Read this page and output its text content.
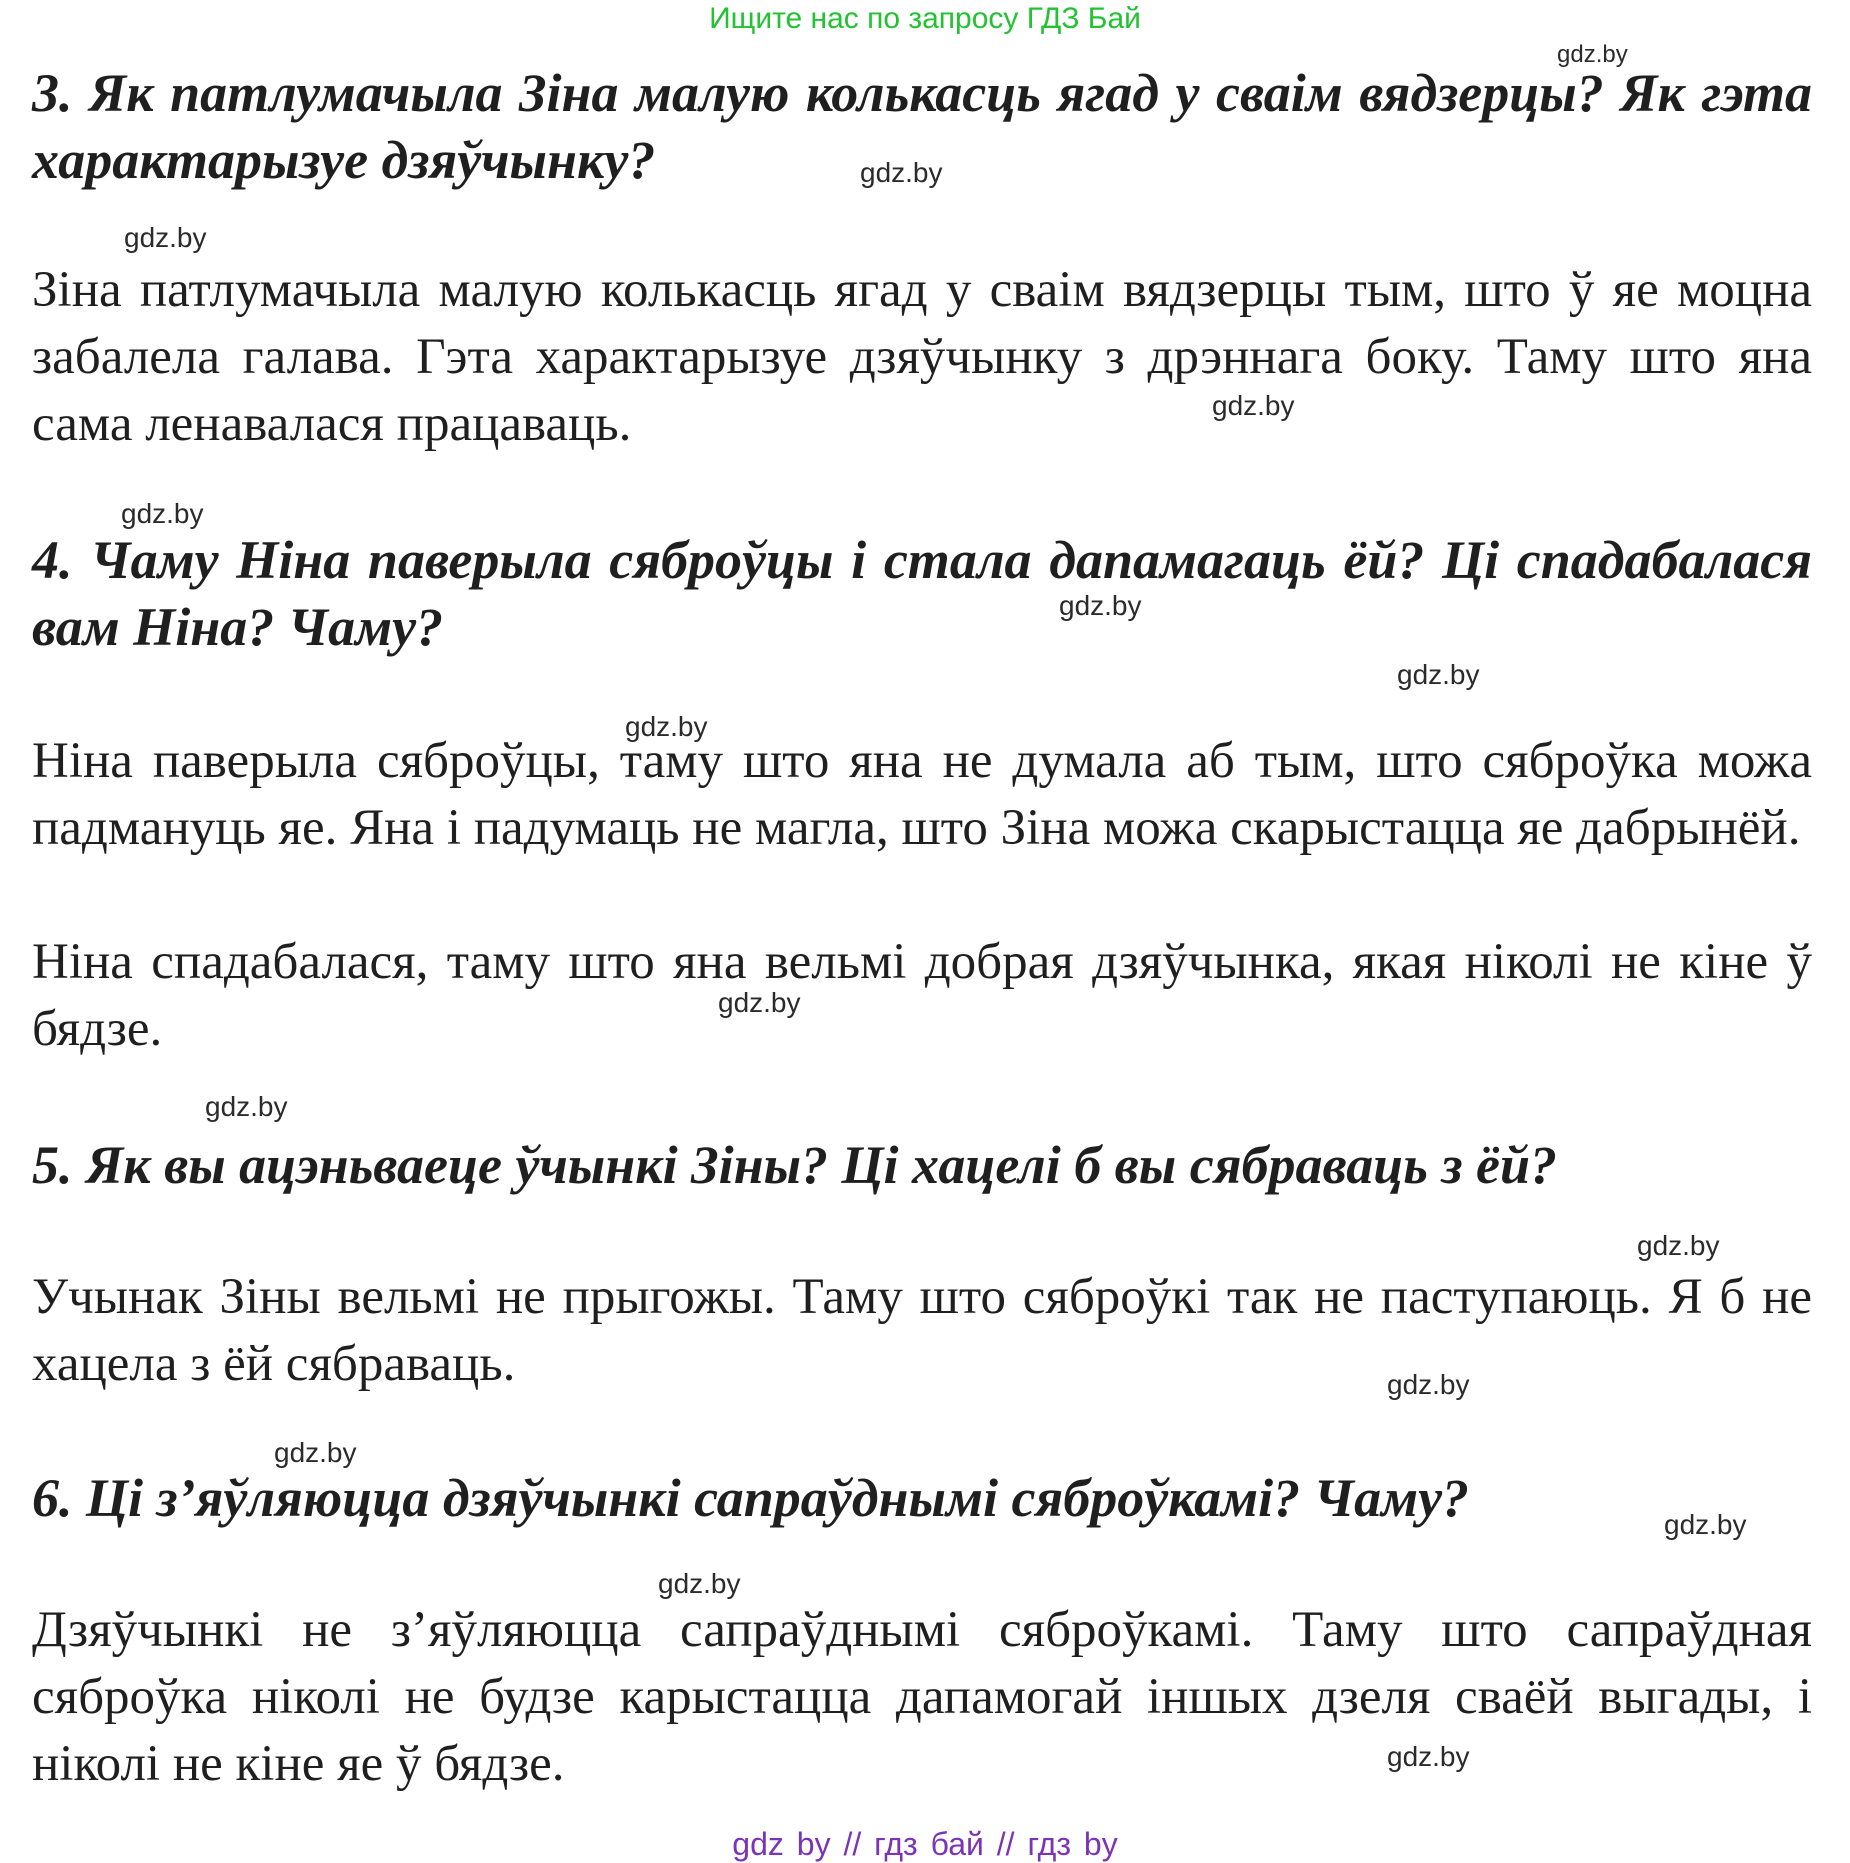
Ищите нас по запросу ГДЗ Бай

3. Як патлумачыла Зіна малую колькасць ягад у сваім вядзерцы? Як гэта характарызуе дзяўчынку?

Зіна патлумачыла малую колькасць ягад у сваім вядзерцы тым, што ў яе моцна забалела галава. Гэта характарызуе дзяўчынку з дрэннага боку. Таму што яна сама ленавалася працаваць.

4. Чаму Ніна паверыла сяброўцы і стала дапамагаць ёй? Ці спадабалася вам Ніна? Чаму?

Ніна паверыла сяброўцы, таму што яна не думала аб тым, што сяброўка можа падмануць яе. Яна і падумаць не магла, што Зіна можа скарыстацца яе дабрынёй.

Ніна спадабалася, таму што яна вельмі добрая дзяўчынка, якая ніколі не кіне ў бядзе.

5. Як вы ацэньваеце ўчынкі Зіны? Ці хацелі б вы сябраваць з ёй?

Учынак Зіны вельмі не прыгожы. Таму што сяброўкі так не паступаюць. Я б не хацела з ёй сябраваць.

6. Ці з’яўляюцца дзяўчынкі сапраўднымі сяброўкамі? Чаму?

Дзяўчынкі не з’яўляюцца сапраўднымі сяброўкамі. Таму што сапраўдная сяброўка ніколі не будзе карыстацца дапамогай іншых дзеля сваёй выгады, і ніколі не кіне яе ў бядзе.

gdz.by
gdz.by
gdz.by
gdz.by
gdz.by
gdz.by
gdz.by
gdz.by
gdz.by
gdz.by
gdz.by
gdz.by
gdz.by
gdz.by
gdz.by
gdz.by
gdz by // гдз бай // гдз by
